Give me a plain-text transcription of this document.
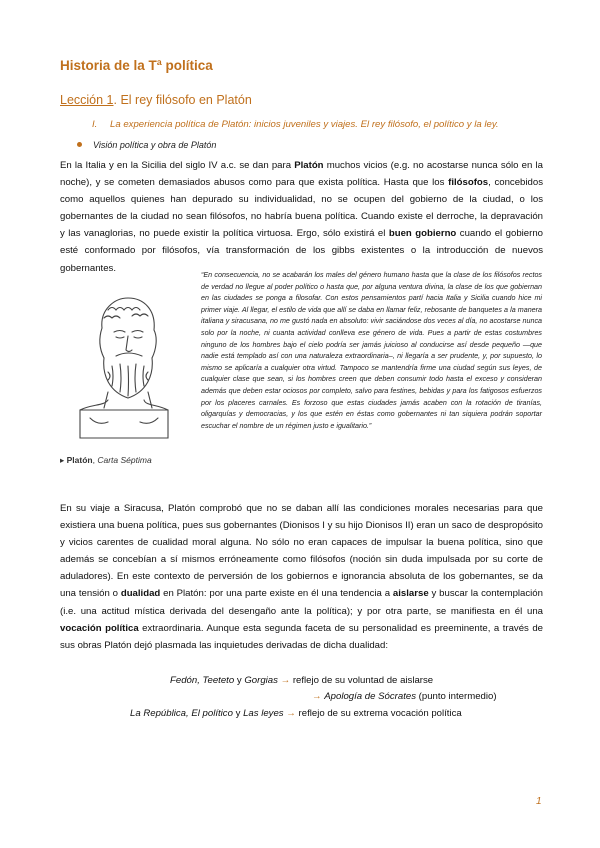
Historia de la Tª política
Lección 1. El rey filósofo en Platón
I. La experiencia política de Platón: inicios juveniles y viajes. El rey filósofo, el político y la ley.
Visión política y obra de Platón
En la Italia y en la Sicilia del siglo IV a.c. se dan para Platón muchos vicios (e.g. no acostarse nunca sólo en la noche), y se cometen demasiados abusos como para que exista política. Hasta que los filósofos, concebidos como aquellos quienes han depurado su individualidad, no se ocupen del gobierno de la ciudad, o los gobernantes de la ciudad no sean filósofos, no habría buena política. Cuando existe el derroche, la depravación y las vanaglorias, no puede existir la política virtuosa. Ergo, sólo existirá el buen gobierno cuando el gobierno esté conformado por filósofos, vía transformación de los gibbs existentes o la introducción de nuevos gobernantes.
▸ Platón, Carta Séptima
“En consecuencia, no se acabarán los males del género humano hasta que la clase de los filósofos rectos de verdad no llegue al poder político o hasta que, por alguna ventura divina, la clase de los que gobiernan en las ciudades se ponga a filosofar. Con estos pensamientos partí hacia Italia y Sicilia cuando hice mi primer viaje. Al llegar, el estilo de vida que allí se daba en llamar feliz, rebosante de banquetes a la manera italiana y siracusana, no me gustó nada en absoluto: vivir saciándose dos veces al día, no acostarse nunca solo por la noche, ni cuanta actividad conlleva ese género de vida. Pues a partir de estas costumbres ninguno de los hombres bajo el cielo podría ser jamás juicioso al conducirse así desde pequeño —que nadie está templado así con una naturaleza extraordinaria–, ni llegaría a ser prudente, y, por supuesto, lo mismo se aplicaría a cualquier otra virtud. Tampoco se mantendría firme una ciudad según sus leyes, de cualquier clase que sean, si los hombres creen que deben consumir todo hasta el exceso y consideran además que deben estar ociosos por completo, salvo para festines, bebidas y para los fatigosos esfuerzos por los placeres carnales. Es forzoso que estas ciudades jamás acaben con la rotación de tiranías, oligarquías y democracias, y los que estén en éstas como gobernantes ni tan siquiera podrán soportar escuchar el nombre de un régimen justo e igualitario.”
En su viaje a Siracusa, Platón comprobó que no se daban allí las condiciones morales necesarias para que existiera una buena política, pues sus gobernantes (Dionisos I y su hijo Dionisos II) eran un saco de despropósito y vicios carentes de cualidad moral alguna. No sólo no eran capaces de impulsar la buena política, sino que además se concebían a sí mismos erróneamente como filósofos (noción sin duda impulsada por su corte de aduladores). En este contexto de perversión de los gobiernos e ignorancia absoluta de los gobernantes, se da una tensión o dualidad en Platón: por una parte existe en él una tendencia a aislarse y buscar la contemplación (i.e. una actitud mística derivada del desengaño ante la política); y por otra parte, se manifiesta en él una vocación política extraordinaria. Aunque esta segunda faceta de su personalidad es preeminente, a través de sus obras Platón dejó plasmada las inquietudes derivadas de dicha dualidad:
Fedón, Teeteto y Gorgias → reflejo de su voluntad de aislarse
→ Apología de Sócrates (punto intermedio)
La República, El político y Las leyes → reflejo de su extrema vocación política
1
